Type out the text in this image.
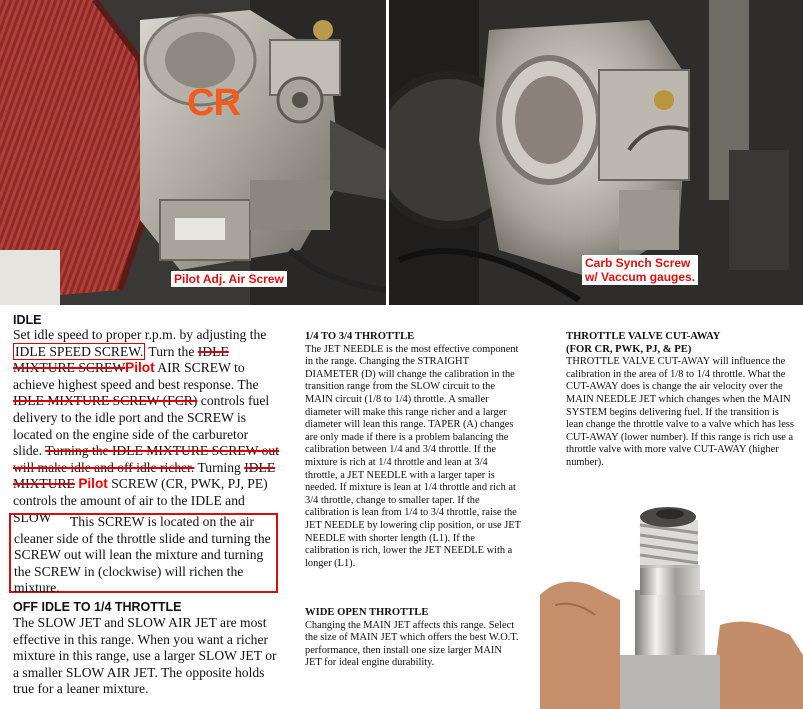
CR
Pilot Adj. Air Screw
Carb Synch Screw
w/ Vaccum gauges.

IDLE

Set idle speed to proper r.p.m. by adjusting the IDLE SPEED SCREW. Turn the IDLE MIXTURE SCREWPilot AIR SCREW to achieve highest speed and best response. The IDLE MIXTURE SCREW (FCR) controls fuel delivery to the idle port and the SCREW is located on the engine side of the carburetor slide. Turning the IDLE MIXTURE SCREW out will make idle and off idle richer. Turning IDLE MIXTURE Pilot SCREW (CR, PWK, PJ, PE) controls the amount of air to the IDLE and SLOW	This SCREW is located on the air cleaner side of the throttle slide and turning the SCREW out will lean the mixture and turning the SCREW in (clockwise) will richen the mixture.

OFF IDLE TO 1/4 THROTTLE

The SLOW JET and SLOW AIR JET are most effective in this range. When you want a richer mixture in this range, use a larger SLOW JET or a smaller SLOW AIR JET. The opposite holds true for a leaner mixture.

1/4 TO 3/4 THROTTLE

The JET NEEDLE is the most effective component in the range. Changing the STRAIGHT DIAMETER (D) will change the calibration in the transition range from the SLOW circuit to the MAIN circuit (1/8 to 1/4) throttle. A smaller diameter will make this range richer and a larger diameter will lean this range. TAPER (A) changes are only made if there is a problem balancing the calibration between 1/4 and 3/4 throttle. If the mixture is rich at 1/4 throttle and lean at 3/4 throttle, a JET NEEDLE with a larger taper is needed. If mixture is lean at 1/4 throttle and rich at 3/4 throttle, change to smaller taper. If the calibration is lean from 1/4 to 3/4 throttle, raise the JET NEEDLE by lowering clip position, or use JET NEEDLE with shorter length (L1). If the calibration is rich, lower the JET NEEDLE with a longer (L1).

WIDE OPEN THROTTLE

Changing the MAIN JET affects this range. Select the size of MAIN JET which offers the best W.O.T. performance, then install one size larger MAIN JET for ideal engine durability.

THROTTLE VALVE CUT-AWAY

(FOR CR, PWK, PJ, & PE)

THROTTLE VALVE CUT-AWAY will influence the calibration in the area of 1/8 to 1/4 throttle. What the CUT-AWAY does is change the air velocity over the MAIN NEEDLE JET which changes when the MAIN SYSTEM begins delivering fuel. If the transition is lean change the throttle valve to a valve which has less CUT-AWAY (lower number). If this range is rich use a throttle valve with more valve CUT-AWAY (higher number).
